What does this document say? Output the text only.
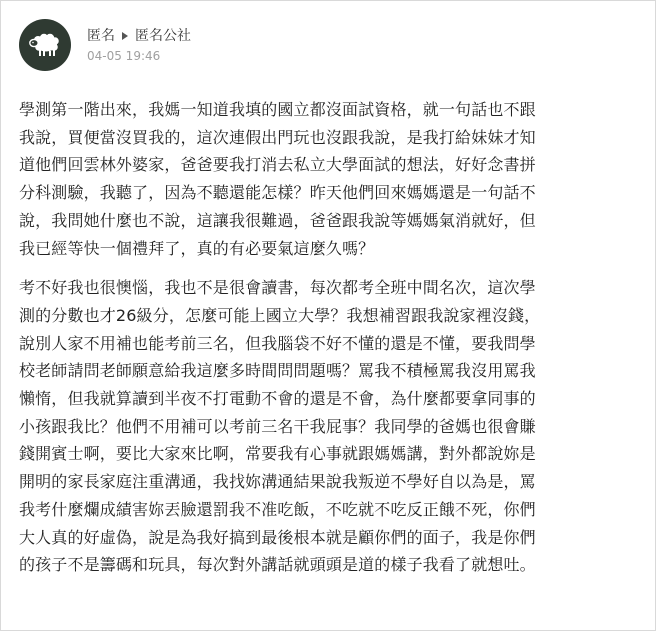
匿名 匿名公社
04-05 19:46

學測第一階出來，我媽一知道我填的國立都沒面試資格，就一句話也不跟
我說，買便當沒買我的，這次連假出門玩也沒跟我說，是我打給妹妹才知
道他們回雲林外婆家，爸爸要我打消去私立大學面試的想法，好好念書拼
分科測驗，我聽了，因為不聽還能怎樣？昨天他們回來媽媽還是一句話不
說，我問她什麼也不說，這讓我很難過，爸爸跟我說等媽媽氣消就好，但
我已經等快一個禮拜了，真的有必要氣這麼久嗎？

考不好我也很懊惱，我也不是很會讀書，每次都考全班中間名次，這次學
測的分數也才26級分，怎麼可能上國立大學？我想補習跟我說家裡沒錢，
說別人家不用補也能考前三名，但我腦袋不好不懂的還是不懂，要我問學
校老師請問老師願意給我這麼多時間問問題嗎？罵我不積極罵我沒用罵我
懶惰，但我就算讀到半夜不打電動不會的還是不會，為什麼都要拿同事的
小孩跟我比？他們不用補可以考前三名干我屁事？我同學的爸媽也很會賺
錢開賓士啊，要比大家來比啊，常要我有心事就跟媽媽講，對外都說妳是
開明的家長家庭注重溝通，我找妳溝通結果說我叛逆不學好自以為是，罵
我考什麼爛成績害妳丟臉還罰我不准吃飯，不吃就不吃反正餓不死，你們
大人真的好虛偽，說是為我好搞到最後根本就是顧你們的面子，我是你們
的孩子不是籌碼和玩具，每次對外講話就頭頭是道的樣子我看了就想吐。
